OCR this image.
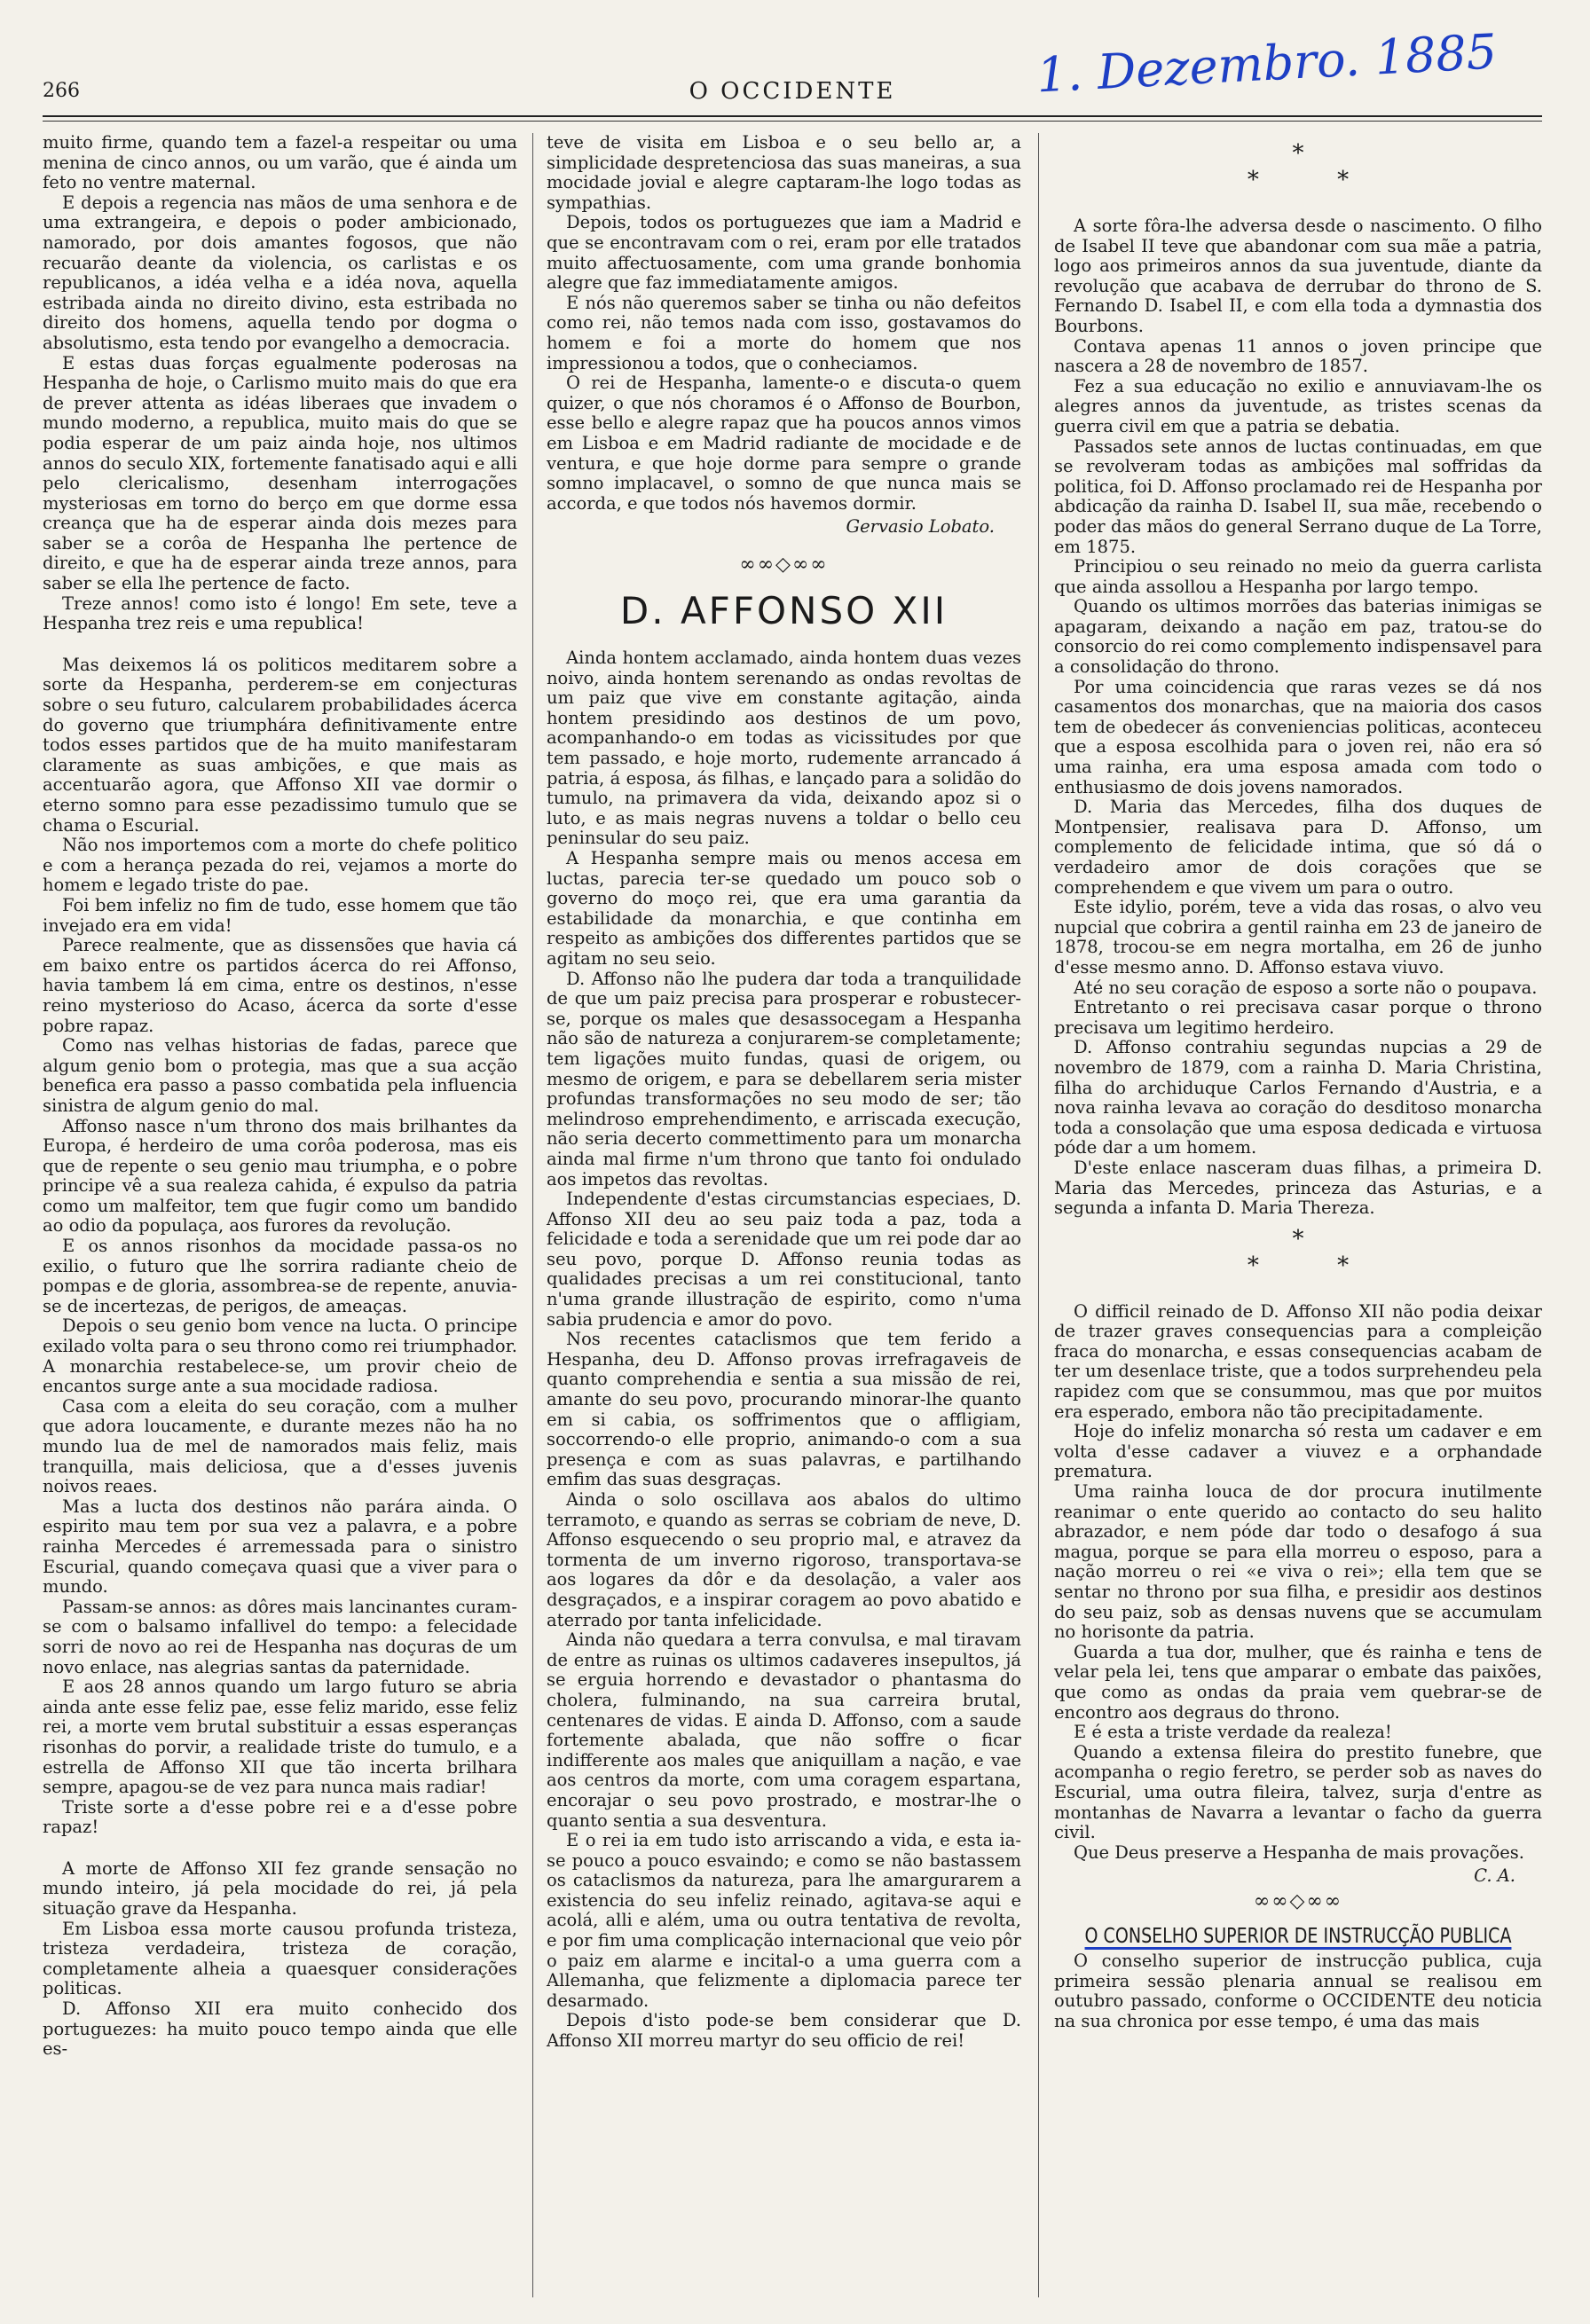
266	O OCCIDENTE	1. Dezembro. 1885

muito firme, quando tem a fazel-a respeitar ou uma menina de cinco annos, ou um varão, que é ainda um feto no ventre maternal.

E depois a regencia nas mãos de uma senhora e de uma extrangeira, e depois o poder ambicionado, namorado, por dois amantes fogosos, que não recuarão deante da violencia, os carlistas e os republicanos, a idéa velha e a idéa nova, aquella estribada ainda no direito divino, esta estribada no direito dos homens, aquella tendo por dogma o absolutismo, esta tendo por evangelho a democracia.

E estas duas forças egualmente poderosas na Hespanha de hoje, o Carlismo muito mais do que era de prever attenta as idéas liberaes que invadem o mundo moderno, a republica, muito mais do que se podia esperar de um paiz ainda hoje, nos ultimos annos do seculo XIX, fortemente fanatisado aqui e alli pelo clericalismo, desenham interrogações mysteriosas em torno do berço em que dorme essa creança que ha de esperar ainda dois mezes para saber se a corôa de Hespanha lhe pertence de direito, e que ha de esperar ainda treze annos, para saber se ella lhe pertence de facto.

Treze annos! como isto é longo! Em sete, teve a Hespanha trez reis e uma republica!

Mas deixemos lá os politicos meditarem sobre a sorte da Hespanha, perderem-se em conjecturas sobre o seu futuro, calcularem probabilidades ácerca do governo que triumphára definitivamente entre todos esses partidos que de ha muito manifestaram claramente as suas ambições, e que mais as accentuarão agora, que Affonso XII vae dormir o eterno somno para esse pezadissimo tumulo que se chama o Escurial.

Não nos importemos com a morte do chefe politico e com a herança pezada do rei, vejamos a morte do homem e legado triste do pae.

Foi bem infeliz no fim de tudo, esse homem que tão invejado era em vida!

Parece realmente, que as dissensões que havia cá em baixo entre os partidos ácerca do rei Affonso, havia tambem lá em cima, entre os destinos, n'esse reino mysterioso do Acaso, ácerca da sorte d'esse pobre rapaz.

Como nas velhas historias de fadas, parece que algum genio bom o protegia, mas que a sua acção benefica era passo a passo combatida pela influencia sinistra de algum genio do mal.

Affonso nasce n'um throno dos mais brilhantes da Europa, é herdeiro de uma corôa poderosa, mas eis que de repente o seu genio mau triumpha, e o pobre principe vê a sua realeza cahida, é expulso da patria como um malfeitor, tem que fugir como um bandido ao odio da populaça, aos furores da revolução.

E os annos risonhos da mocidade passa-os no exilio, o futuro que lhe sorrira radiante cheio de pompas e de gloria, assombrea-se de repente, anuvia-se de incertezas, de perigos, de ameaças.

Depois o seu genio bom vence na lucta. O principe exilado volta para o seu throno como rei triumphador. A monarchia restabelece-se, um provir cheio de encantos surge ante a sua mocidade radiosa.

Casa com a eleita do seu coração, com a mulher que adora loucamente, e durante mezes não ha no mundo lua de mel de namorados mais feliz, mais tranquilla, mais deliciosa, que a d'esses juvenis noivos reaes.

Mas a lucta dos destinos não parára ainda. O espirito mau tem por sua vez a palavra, e a pobre rainha Mercedes é arremessada para o sinistro Escurial, quando começava quasi que a viver para o mundo.

Passam-se annos: as dôres mais lancinantes curam-se com o balsamo infallivel do tempo: a felecidade sorri de novo ao rei de Hespanha nas doçuras de um novo enlace, nas alegrias santas da paternidade.

E aos 28 annos quando um largo futuro se abria ainda ante esse feliz pae, esse feliz marido, esse feliz rei, a morte vem brutal substituir a essas esperanças risonhas do porvir, a realidade triste do tumulo, e a estrella de Affonso XII que tão incerta brilhara sempre, apagou-se de vez para nunca mais radiar!

Triste sorte a d'esse pobre rei e a d'esse pobre rapaz!

A morte de Affonso XII fez grande sensação no mundo inteiro, já pela mocidade do rei, já pela situação grave da Hespanha.

Em Lisboa essa morte causou profunda tristeza, tristeza verdadeira, tristeza de coração, completamente alheia a quaesquer considerações politicas.

D. Affonso XII era muito conhecido dos portuguezes: ha muito pouco tempo ainda que elle es-

teve de visita em Lisboa e o seu bello ar, a simplicidade despretenciosa das suas maneiras, a sua mocidade jovial e alegre captaram-lhe logo todas as sympathias.

Depois, todos os portuguezes que iam a Madrid e que se encontravam com o rei, eram por elle tratados muito affectuosamente, com uma grande bonhomia alegre que faz immediatamente amigos.

E nós não queremos saber se tinha ou não defeitos como rei, não temos nada com isso, gostavamos do homem e foi a morte do homem que nos impressionou a todos, que o conheciamos.

O rei de Hespanha, lamente-o e discuta-o quem quizer, o que nós choramos é o Affonso de Bourbon, esse bello e alegre rapaz que ha poucos annos vimos em Lisboa e em Madrid radiante de mocidade e de ventura, e que hoje dorme para sempre o grande somno implacavel, o somno de que nunca mais se accorda, e que todos nós havemos dormir.

Gervasio Lobato.
∞∞◇∞∞
D. AFFONSO XII

Ainda hontem acclamado, ainda hontem duas vezes noivo, ainda hontem serenando as ondas revoltas de um paiz que vive em constante agitação, ainda hontem presidindo aos destinos de um povo, acompanhando-o em todas as vicissitudes por que tem passado, e hoje morto, rudemente arrancado á patria, á esposa, ás filhas, e lançado para a solidão do tumulo, na primavera da vida, deixando apoz si o luto, e as mais negras nuvens a toldar o bello ceu peninsular do seu paiz.

A Hespanha sempre mais ou menos accesa em luctas, parecia ter-se quedado um pouco sob o governo do moço rei, que era uma garantia da estabilidade da monarchia, e que continha em respeito as ambições dos differentes partidos que se agitam no seu seio.

D. Affonso não lhe pudera dar toda a tranquilidade de que um paiz precisa para prosperar e robustecer-se, porque os males que desassocegam a Hespanha não são de natureza a conjurarem-se completamente; tem ligações muito fundas, quasi de origem, ou mesmo de origem, e para se debellarem seria mister profundas transformações no seu modo de ser; tão melindroso emprehendimento, e arriscada execução, não seria decerto commettimento para um monarcha ainda mal firme n'um throno que tanto foi ondulado aos impetos das revoltas.

Independente d'estas circumstancias especiaes, D. Affonso XII deu ao seu paiz toda a paz, toda a felicidade e toda a serenidade que um rei pode dar ao seu povo, porque D. Affonso reunia todas as qualidades precisas a um rei constitucional, tanto n'uma grande illustração de espirito, como n'uma sabia prudencia e amor do povo.

Nos recentes cataclismos que tem ferido a Hespanha, deu D. Affonso provas irrefragaveis de quanto comprehendia e sentia a sua missão de rei, amante do seu povo, procurando minorar-lhe quanto em si cabia, os soffrimentos que o affligiam, soccorrendo-o elle proprio, animando-o com a sua presença e com as suas palavras, e partilhando emfim das suas desgraças.

Ainda o solo oscillava aos abalos do ultimo terramoto, e quando as serras se cobriam de neve, D. Affonso esquecendo o seu proprio mal, e atravez da tormenta de um inverno rigoroso, transportava-se aos logares da dôr e da desolação, a valer aos desgraçados, e a inspirar coragem ao povo abatido e aterrado por tanta infelicidade.

Ainda não quedara a terra convulsa, e mal tiravam de entre as ruinas os ultimos cadaveres insepultos, já se erguia horrendo e devastador o phantasma do cholera, fulminando, na sua carreira brutal, centenares de vidas. E ainda D. Affonso, com a saude fortemente abalada, que não soffre o ficar indifferente aos males que aniquillam a nação, e vae aos centros da morte, com uma coragem espartana, encorajar o seu povo prostrado, e mostrar-lhe o quanto sentia a sua desventura.

E o rei ia em tudo isto arriscando a vida, e esta ia-se pouco a pouco esvaindo; e como se não bastassem os cataclismos da natureza, para lhe amargurarem a existencia do seu infeliz reinado, agitava-se aqui e acolá, alli e além, uma ou outra tentativa de revolta, e por fim uma complicação internacional que veio pôr o paiz em alarme e incital-o a uma guerra com a Allemanha, que felizmente a diplomacia parece ter desarmado.

Depois d'isto pode-se bem considerar que D. Affonso XII morreu martyr do seu officio de rei!

*
* *

A sorte fôra-lhe adversa desde o nascimento. O filho de Isabel II teve que abandonar com sua mãe a patria, logo aos primeiros annos da sua juventude, diante da revolução que acabava de derrubar do throno de S. Fernando D. Isabel II, e com ella toda a dymnastia dos Bourbons.

Contava apenas 11 annos o joven principe que nascera a 28 de novembro de 1857.

Fez a sua educação no exilio e annuviavam-lhe os alegres annos da juventude, as tristes scenas da guerra civil em que a patria se debatia.

Passados sete annos de luctas continuadas, em que se revolveram todas as ambições mal soffridas da politica, foi D. Affonso proclamado rei de Hespanha por abdicação da rainha D. Isabel II, sua mãe, recebendo o poder das mãos do general Serrano duque de La Torre, em 1875.

Principiou o seu reinado no meio da guerra carlista que ainda assollou a Hespanha por largo tempo.

Quando os ultimos morrões das baterias inimigas se apagaram, deixando a nação em paz, tratou-se do consorcio do rei como complemento indispensavel para a consolidação do throno.

Por uma coincidencia que raras vezes se dá nos casamentos dos monarchas, que na maioria dos casos tem de obedecer ás conveniencias politicas, aconteceu que a esposa escolhida para o joven rei, não era só uma rainha, era uma esposa amada com todo o enthusiasmo de dois jovens namorados.

D. Maria das Mercedes, filha dos duques de Montpensier, realisava para D. Affonso, um complemento de felicidade intima, que só dá o verdadeiro amor de dois corações que se comprehendem e que vivem um para o outro.

Este idylio, porém, teve a vida das rosas, o alvo veu nupcial que cobrira a gentil rainha em 23 de janeiro de 1878, trocou-se em negra mortalha, em 26 de junho d'esse mesmo anno. D. Affonso estava viuvo.

Até no seu coração de esposo a sorte não o poupava.

Entretanto o rei precisava casar porque o throno precisava um legitimo herdeiro.

D. Affonso contrahiu segundas nupcias a 29 de novembro de 1879, com a rainha D. Maria Christina, filha do archiduque Carlos Fernando d'Austria, e a nova rainha levava ao coração do desditoso monarcha toda a consolação que uma esposa dedicada e virtuosa póde dar a um homem.

D'este enlace nasceram duas filhas, a primeira D. Maria das Mercedes, princeza das Asturias, e a segunda a infanta D. Maria Thereza.

*
* *

O difficil reinado de D. Affonso XII não podia deixar de trazer graves consequencias para a compleição fraca do monarcha, e essas consequencias acabam de ter um desenlace triste, que a todos surprehendeu pela rapidez com que se consummou, mas que por muitos era esperado, embora não tão precipitadamente.

Hoje do infeliz monarcha só resta um cadaver e em volta d'esse cadaver a viuvez e a orphandade prematura.

Uma rainha louca de dor procura inutilmente reanimar o ente querido ao contacto do seu halito abrazador, e nem póde dar todo o desafogo á sua magua, porque se para ella morreu o esposo, para a nação morreu o rei «e viva o rei»; ella tem que se sentar no throno por sua filha, e presidir aos destinos do seu paiz, sob as densas nuvens que se accumulam no horisonte da patria.

Guarda a tua dor, mulher, que és rainha e tens de velar pela lei, tens que amparar o embate das paixões, que como as ondas da praia vem quebrar-se de encontro aos degraus do throno.

E é esta a triste verdade da realeza!

Quando a extensa fileira do prestito funebre, que acompanha o regio feretro, se perder sob as naves do Escurial, uma outra fileira, talvez, surja d'entre as montanhas de Navarra a levantar o facho da guerra civil.

Que Deus preserve a Hespanha de mais provações.

C. A.
∞∞◇∞∞
O CONSELHO SUPERIOR DE INSTRUCÇÃO PUBLICA

O conselho superior de instrucção publica, cuja primeira sessão plenaria annual se realisou em outubro passado, conforme o OCCIDENTE deu noticia na sua chronica por esse tempo, é uma das mais
